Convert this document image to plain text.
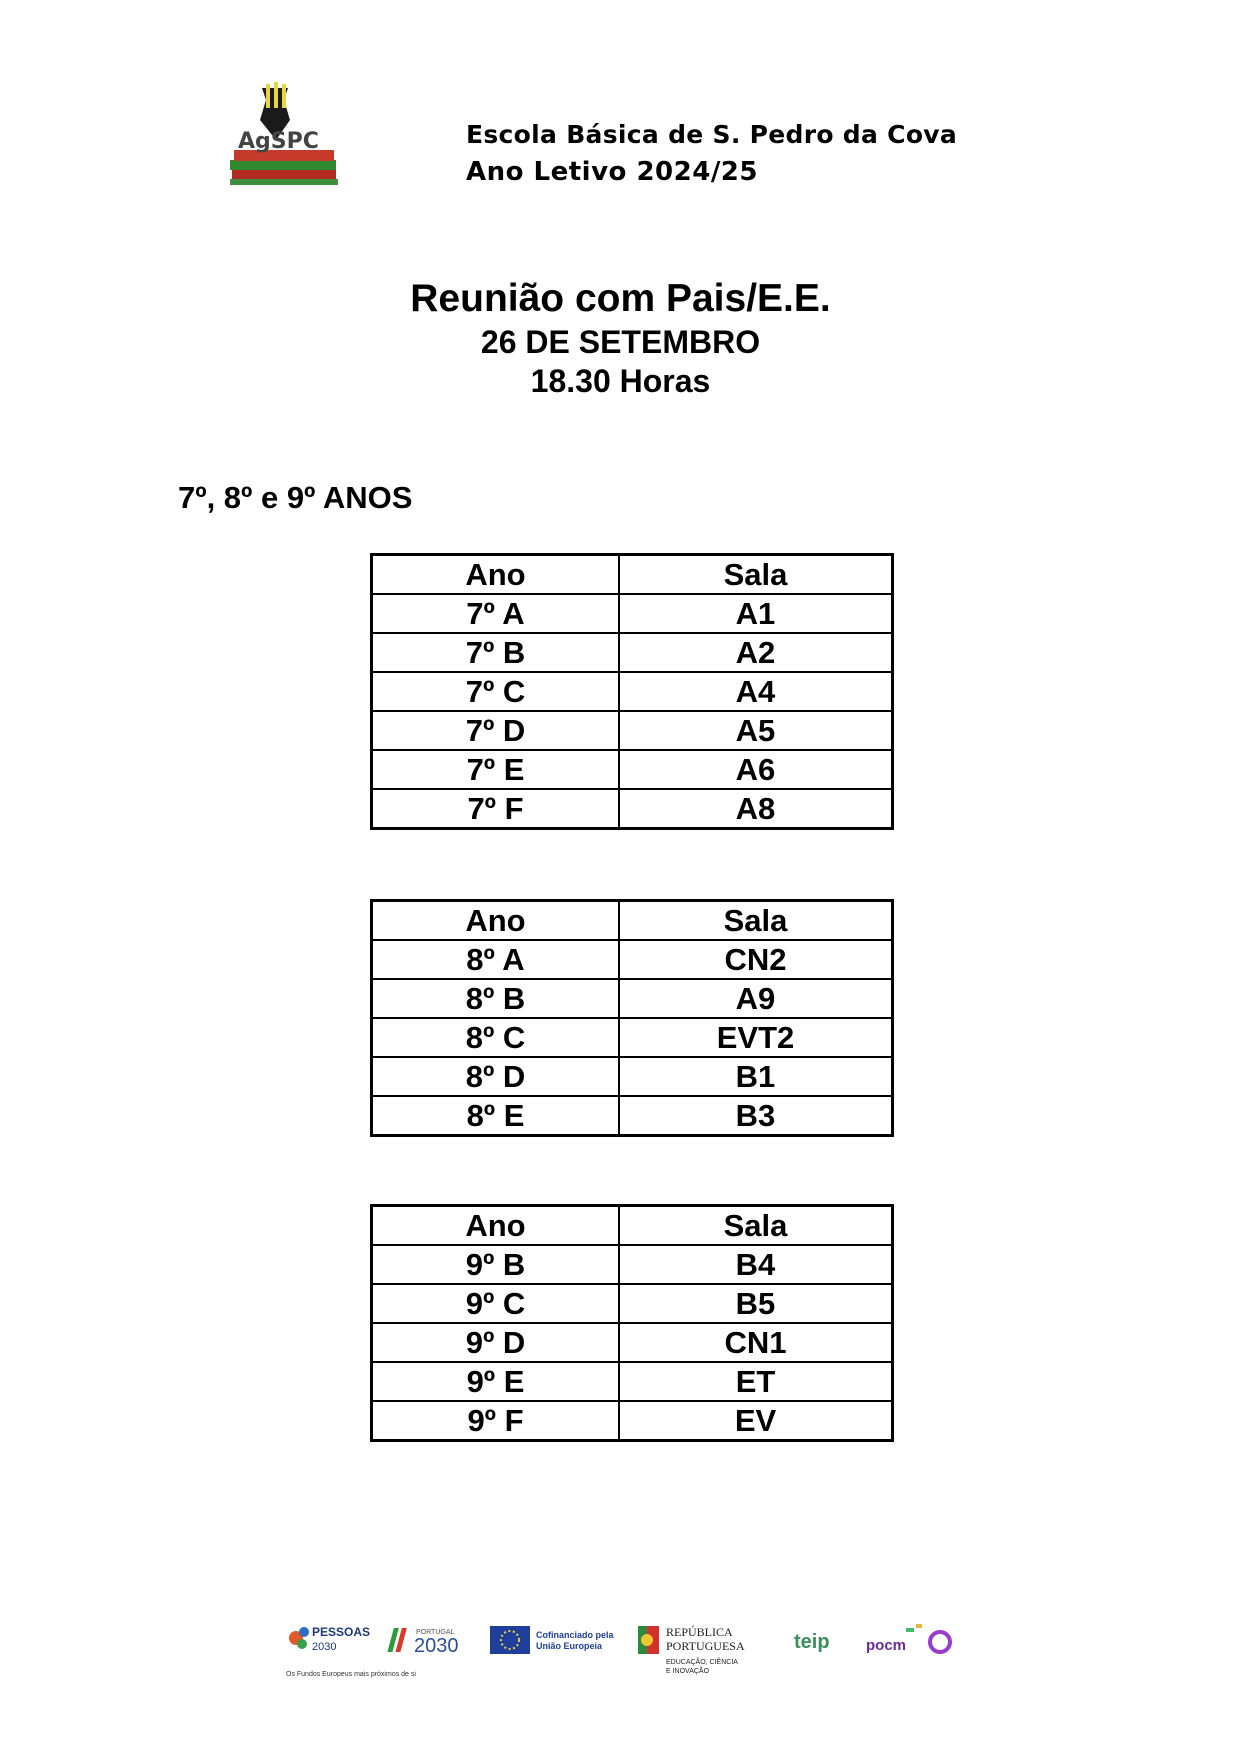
AgSPC	Escola Básica de S. Pedro da Cova
Ano Letivo 2024/25
Reunião com Pais/E.E.
26 DE SETEMBRO
18.30 Horas
7º, 8º e 9º ANOS
Ano	Sala
7º A	A1
7º B	A2
7º C	A4
7º D	A5
7º E	A6
7º F	A8
Ano	Sala
8º A	CN2
8º B	A9
8º C	EVT2
8º D	B1
8º E	B3
Ano	Sala
9º B	B4
9º C	B5
9º D	CN1
9º E	ET
9º F	EV
PESSOAS
2030
Os Fundos Europeus mais próximos de si
PORTUGAL
2030	Cofinanciado pela
União Europeia
REPÚBLICA
PORTUGUESA
EDUCAÇÃO, CIÊNCIA
E INOVAÇÃO
teip pocm
